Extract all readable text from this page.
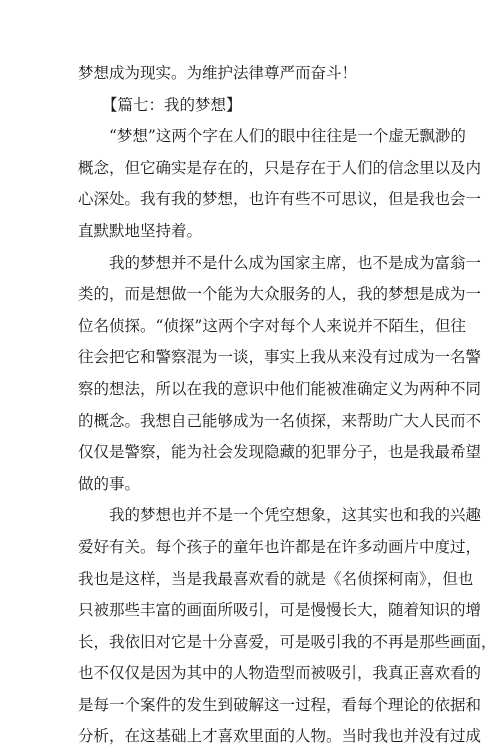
梦想成为现实。为维护法律尊严而奋斗！
【篇七：我的梦想】
“梦想”这两个字在人们的眼中往往是一个虚无飘渺的
概念，但它确实是存在的，只是存在于人们的信念里以及内
心深处。我有我的梦想，也许有些不可思议，但是我也会一
直默默地坚持着。
我的梦想并不是什么成为国家主席，也不是成为富翁一
类的，而是想做一个能为大众服务的人，我的梦想是成为一
位名侦探。“侦探”这两个字对每个人来说并不陌生，但往
往会把它和警察混为一谈，事实上我从来没有过成为一名警
察的想法，所以在我的意识中他们能被准确定义为两种不同
的概念。我想自己能够成为一名侦探，来帮助广大人民而不
仅仅是警察，能为社会发现隐藏的犯罪分子，也是我最希望
做的事。
我的梦想也并不是一个凭空想象，这其实也和我的兴趣
爱好有关。每个孩子的童年也许都是在许多动画片中度过，
我也是这样，当是我最喜欢看的就是《名侦探柯南》，但也
只被那些丰富的画面所吸引，可是慢慢长大，随着知识的增
长，我依旧对它是十分喜爱，可是吸引我的不再是那些画面，
也不仅仅是因为其中的人物造型而被吸引，我真正喜欢看的
是每一个案件的发生到破解这一过程，看每个理论的依据和
分析，在这基础上才喜欢里面的人物。当时我也并没有过成
